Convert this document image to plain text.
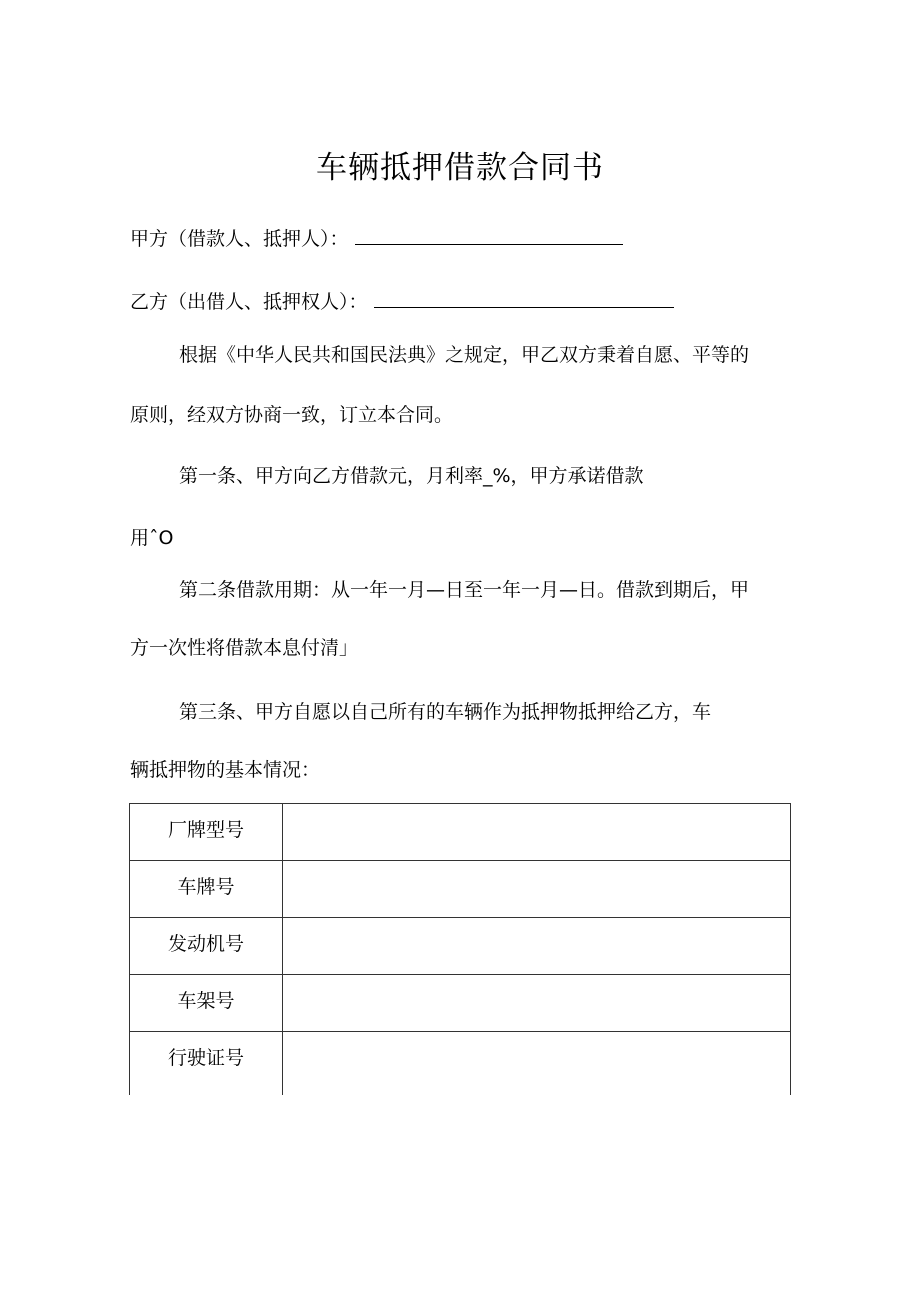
车辆抵押借款合同书
甲方（借款人、抵押人）：
乙方（出借人、抵押权人）：

根据《中华人民共和国民法典》之规定，甲乙双方秉着自愿、平等的

原则，经双方协商一致，订立本合同。

第一条、甲方向乙方借款元，月利率_%，甲方承诺借款

用ˆO

第二条借款用期：从一年一月—日至一年一月—日。借款到期后，甲

方一次性将借款本息付清」

第三条、甲方自愿以自己所有的车辆作为抵押物抵押给乙方，车

辆抵押物的基本情况：

厂牌型号	
车牌号	
发动机号	
车架号	
行驶证号	
